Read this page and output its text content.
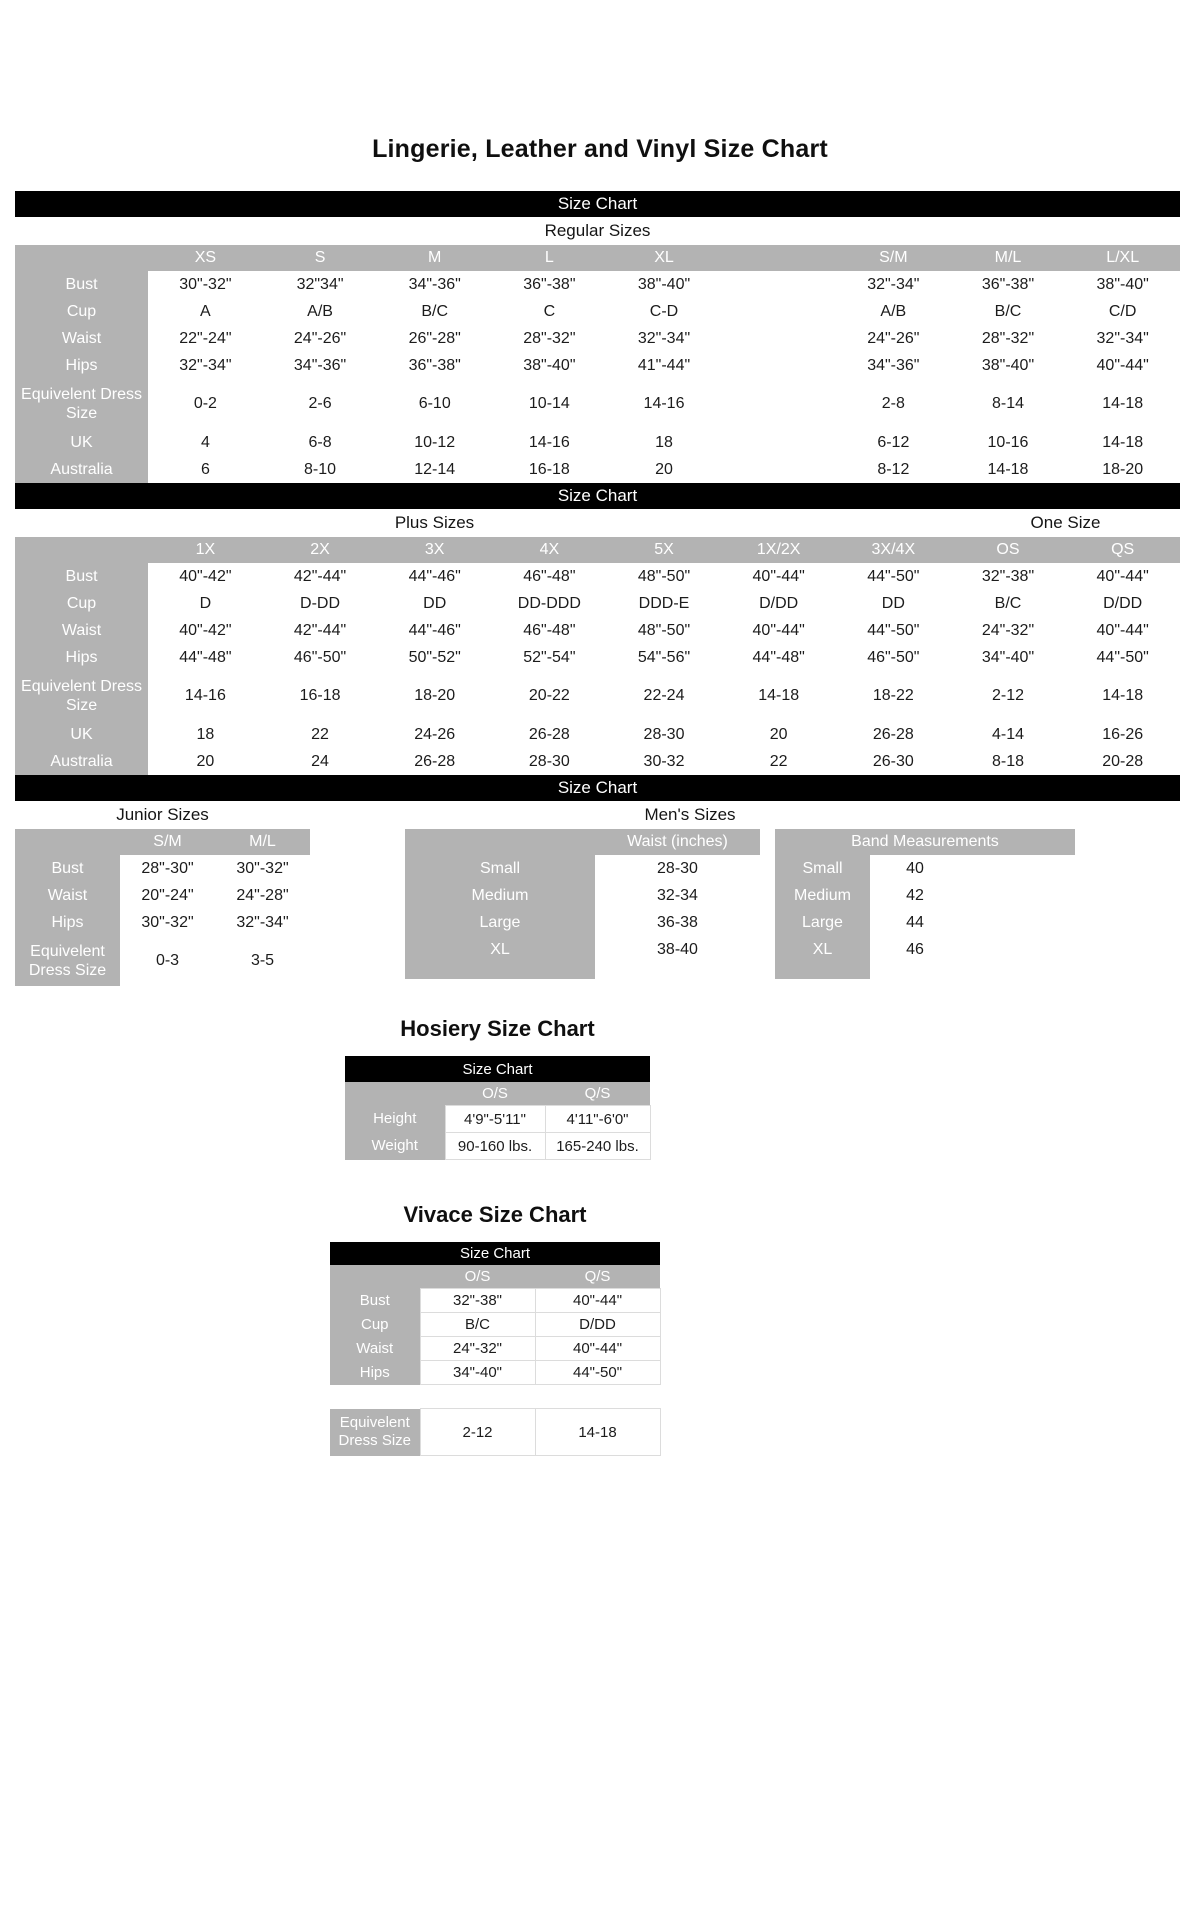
Lingerie, Leather and Vinyl Size Chart
Size Chart
Regular Sizes
	XS	S	M	L	XL		S/M	M/L	L/XL
Bust	30"-32"	32"34"	34"-36"	36"-38"	38"-40"		32"-34"	36"-38"	38"-40"
Cup	A	A/B	B/C	C	C-D		A/B	B/C	C/D
Waist	22"-24"	24"-26"	26"-28"	28"-32"	32"-34"		24"-26"	28"-32"	32"-34"
Hips	32"-34"	34"-36"	36"-38"	38"-40"	41"-44"		34"-36"	38"-40"	40"-44"
Equivelent Dress Size	0-2	2-6	6-10	10-14	14-16		2-8	8-14	14-18
UK	4	6-8	10-12	14-16	18		6-12	10-16	14-18
Australia	6	8-10	12-14	16-18	20		8-12	14-18	18-20
Size Chart
Plus Sizes	One Size
	1X	2X	3X	4X	5X	1X/2X	3X/4X	OS	QS
Bust	40"-42"	42"-44"	44"-46"	46"-48"	48"-50"	40"-44"	44"-50"	32"-38"	40"-44"
Cup	D	D-DD	DD	DD-DDD	DDD-E	D/DD	DD	B/C	D/DD
Waist	40"-42"	42"-44"	44"-46"	46"-48"	48"-50"	40"-44"	44"-50"	24"-32"	40"-44"
Hips	44"-48"	46"-50"	50"-52"	52"-54"	54"-56"	44"-48"	46"-50"	34"-40"	44"-50"
Equivelent Dress Size	14-16	16-18	18-20	20-22	22-24	14-18	18-22	2-12	14-18
UK	18	22	24-26	26-28	28-30	20	26-28	4-14	16-26
Australia	20	24	26-28	28-30	30-32	22	26-30	8-18	20-28
Size Chart
Junior Sizes	Men's Sizes
	S/M	M/L
Bust	28"-30"	30"-32"
Waist	20"-24"	24"-28"
Hips	30"-32"	32"-34"
Equivelent Dress Size	0-3	3-5
	Waist (inches)
Small	28-30
Medium	32-34
Large	36-38
XL	38-40

Band Measurements		
Small	40	
Medium	42	
Large	44	
XL	46	

Hosiery Size Chart
Size Chart		
	O/S	Q/S
Height	4'9"-5'11"	4'11"-6'0"
Weight	90-160 lbs.	165-240 lbs.
Vivace Size Chart
Size Chart		
	O/S	Q/S
Bust	32"-38"	40"-44"
Cup	B/C	D/DD
Waist	24"-32"	40"-44"
Hips	34"-40"	44"-50"

Equivelent Dress Size	2-12	14-18
